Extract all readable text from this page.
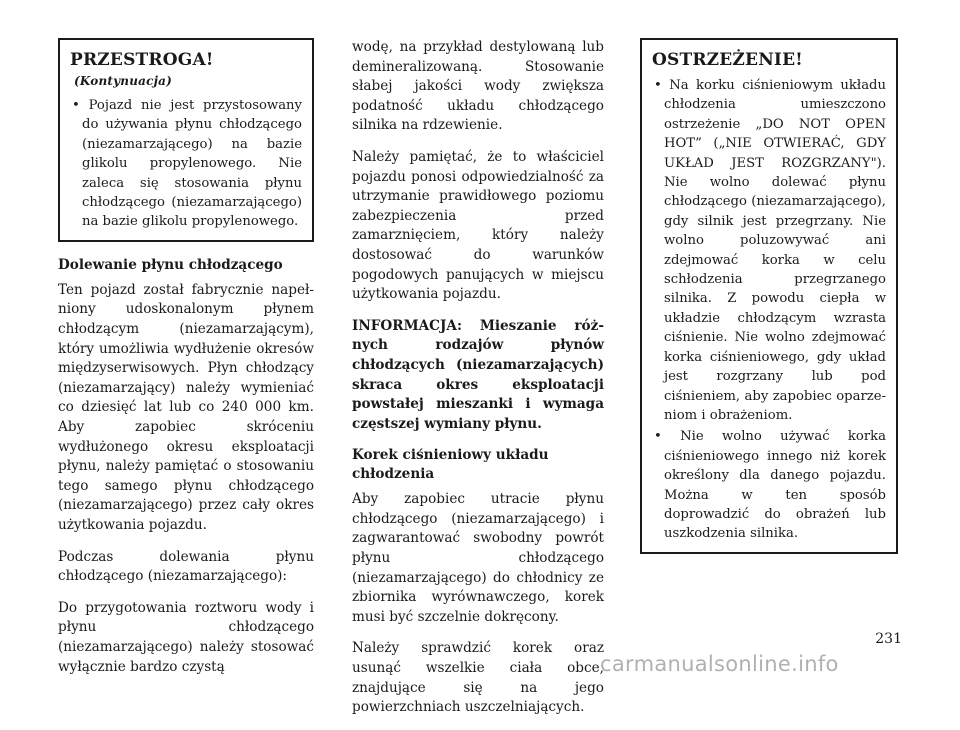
PRZESTROGA!(Kontynuacja)

• Pojazd nie jest przystosowany do używania płynu chłodzącego (niezamarzającego) na bazie glikolu propylenowego. Nie zaleca się stosowania płynu chłodzącego (niezamarzającego) na bazie glikolu propylenowego.

Dolewanie płynu chłodzącego

Ten pojazd został fabrycznie napełniony udoskonalonym płynem chłodzącym (niezamarzającym), który umożliwia wydłużenie okresów międzyserwisowych. Płyn chłodzący (niezamarzający) należy wymieniać co dziesięć lat lub co 240 000 km. Aby zapobiec skróceniu wydłużonego okresu eksploatacji płynu, należy pamiętać o stosowaniu tego samego płynu chłodzącego (niezamarzającego) przez cały okres użytkowania pojazdu.

Podczas dolewania płynu chłodzącego (niezamarzającego):

Do przygotowania roztworu wody i płynu chłodzącego (niezamarzającego) należy stosować wyłącznie bardzo czystą

wodę, na przykład destylowaną lub demineralizowaną. Stosowanie słabej jakości wody zwiększa podatność układu chłodzącego silnika na rdzewienie.

Należy pamiętać, że to właściciel pojazdu ponosi odpowiedzialność za utrzymanie prawidłowego poziomu zabezpieczenia przed zamarznięciem, który należy dostosować do warunków pogodowych panujących w miejscu użytkowania pojazdu.

INFORMACJA: Mieszanie różnych rodzajów płynów chłodzących (niezamarzających) skraca okres eksploatacji powstałej mieszanki i wymaga częstszej wymiany płynu.

Korek ciśnieniowy układu chłodzenia

Aby zapobiec utracie płynu chłodzącego (niezamarzającego) i zagwarantować swobodny powrót płynu chłodzącego (niezamarzającego) do chłodnicy ze zbiornika wyrównawczego, korek musi być szczelnie dokręcony.

Należy sprawdzić korek oraz usunąć wszelkie ciała obce, znajdujące się na jego powierzchniach uszczelniających.

OSTRZEŻENIE!

• Na korku ciśnieniowym układu chłodzenia umieszczono ostrzeżenie „DO NOT OPEN HOT” („NIE OTWIERAĆ, GDY UKŁAD JEST ROZGRZANY"). Nie wolno dolewać płynu chłodzącego (niezamarzającego), gdy silnik jest przegrzany. Nie wolno poluzowywać ani zdejmować korka w celu schłodzenia przegrzanego silnika. Z powodu ciepła w układzie chłodzącym wzrasta ciśnienie. Nie wolno zdejmować korka ciśnieniowego, gdy układ jest rozgrzany lub pod ciśnieniem, aby zapobiec oparzeniom i obrażeniom.

• Nie wolno używać korka ciśnieniowego innego niż korek określony dla danego pojazdu. Można w ten sposób doprowadzić do obrażeń lub uszkodzenia silnika.

231
carmanualsonline.info
